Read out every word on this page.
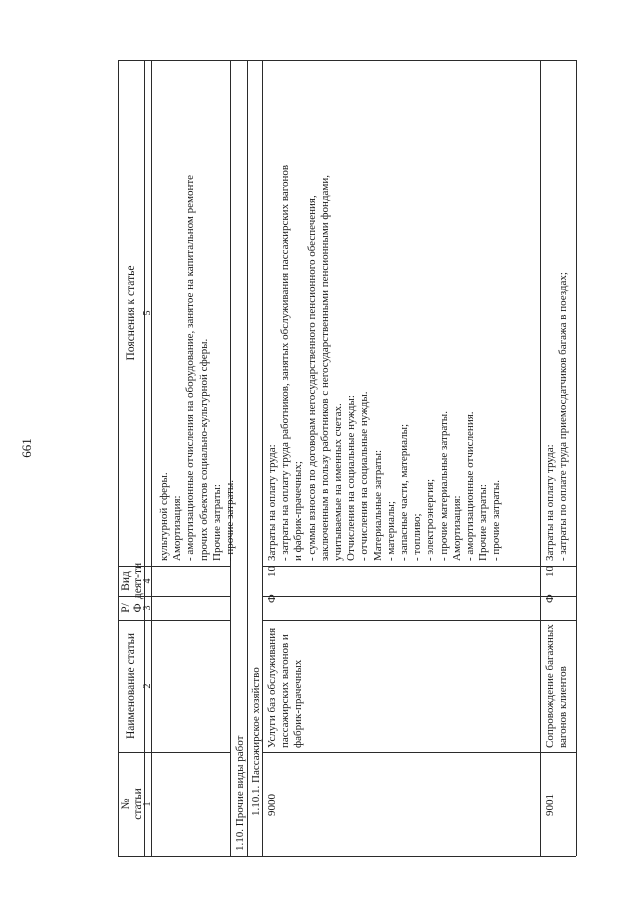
661
№ статьи
Наименование статьи
Р/ Ф
Вид деят-ти
Пояснения к статье
1
2
3
4
5
культурной сферы. Амортизация: - амортизационные отчисления на оборудование, занятое на капитальном ремонте прочих объектов социально-культурной сферы. Прочие затраты: - прочие затраты.
1.10. Прочие виды работ 1.10.1. Пассажирское хозяйство 9000
Услуги баз обслуживания пассажирских вагонов и фабрик-прачечных
Ф
10
Затраты на оплату труда: - затраты на оплату труда работников, занятых обслуживания пассажирских вагонов и фабрик-прачечных; - суммы взносов по договорам негосударственного пенсионного обеспечения, заключенным в пользу работников с негосударственными пенсионными фондами, учитываемые на именных счетах. Отчисления на социальные нужды: - отчисления на социальные нужды. Материальные затраты: - материалы; - запасные части, материалы; - топливо; - электроэнергия; - прочие материальные затраты. Амортизация: - амортизационные отчисления. Прочие затраты: - прочие затраты.
9001
Сопровождение багажных вагонов клиентов
Ф
10
Затраты на оплату труда: - затраты по оплате труда приемосдатчиков багажа в поездах;
